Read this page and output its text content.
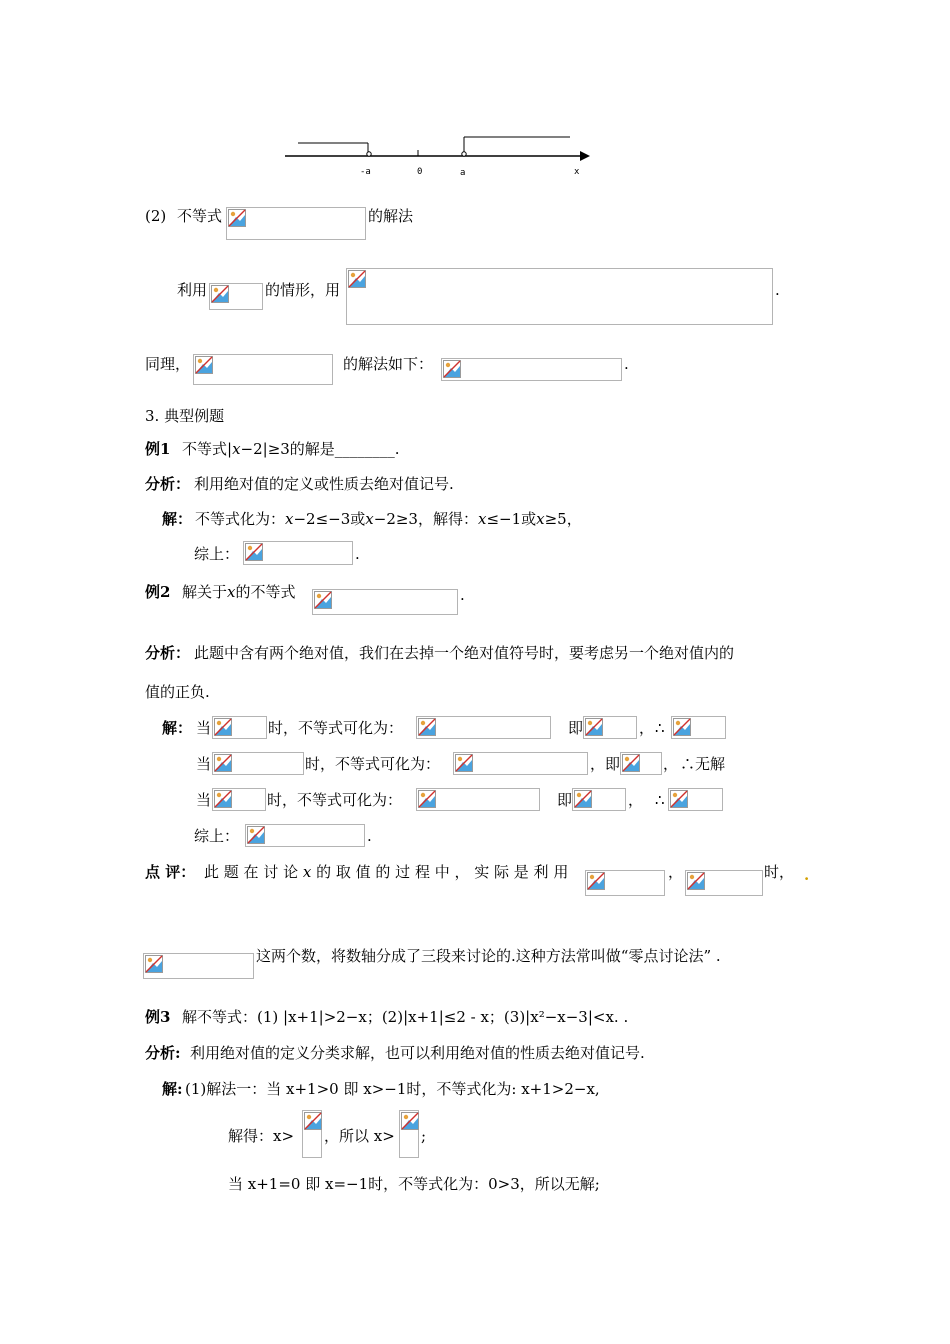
-a	0	a	x
(2) 不等式	的解法
利用	的情形，用	.
同理，	的解法如下：	.
3. 典型例题
例1 不等式|x−2|≥3的解是________.
分析： 利用绝对值的定义或性质去绝对值记号.
解： 不等式化为：x−2≤−3或x−2≥3，解得：x≤−1或x≥5，
综上：	.
例2 解关于x的不等式	.
分析： 此题中含有两个绝对值，我们在去掉一个绝对值符号时，要考虑另一个绝对值内的
值的正负.
解： 当	时，不等式可化为：	即	， ∴
当	时，不等式可化为：	， 即	， ∴无解
当	时，不等式可化为：	即	， ∴
综上：	.
点 评： 此 题 在 讨 论 x 的 取 值 的 过 程 中 ， 实 际 是 利 用	，	时， .
这两个数，将数轴分成了三段来讨论的.这种方法常叫做“零点讨论法” .
例3 解不等式：(1) |x+1|>2−x；(2)|x+1|≤2 - x；(3)|x²−x−3|<x. .
分析: 利用绝对值的定义分类求解，也可以利用绝对值的性质去绝对值记号.
解: (1)解法一：当 x+1>0 即 x>−1时，不等式化为: x+1>2−x,
解得：x> ，所以 x> ;
当 x+1=0 即 x=−1时，不等式化为：0>3，所以无解;
